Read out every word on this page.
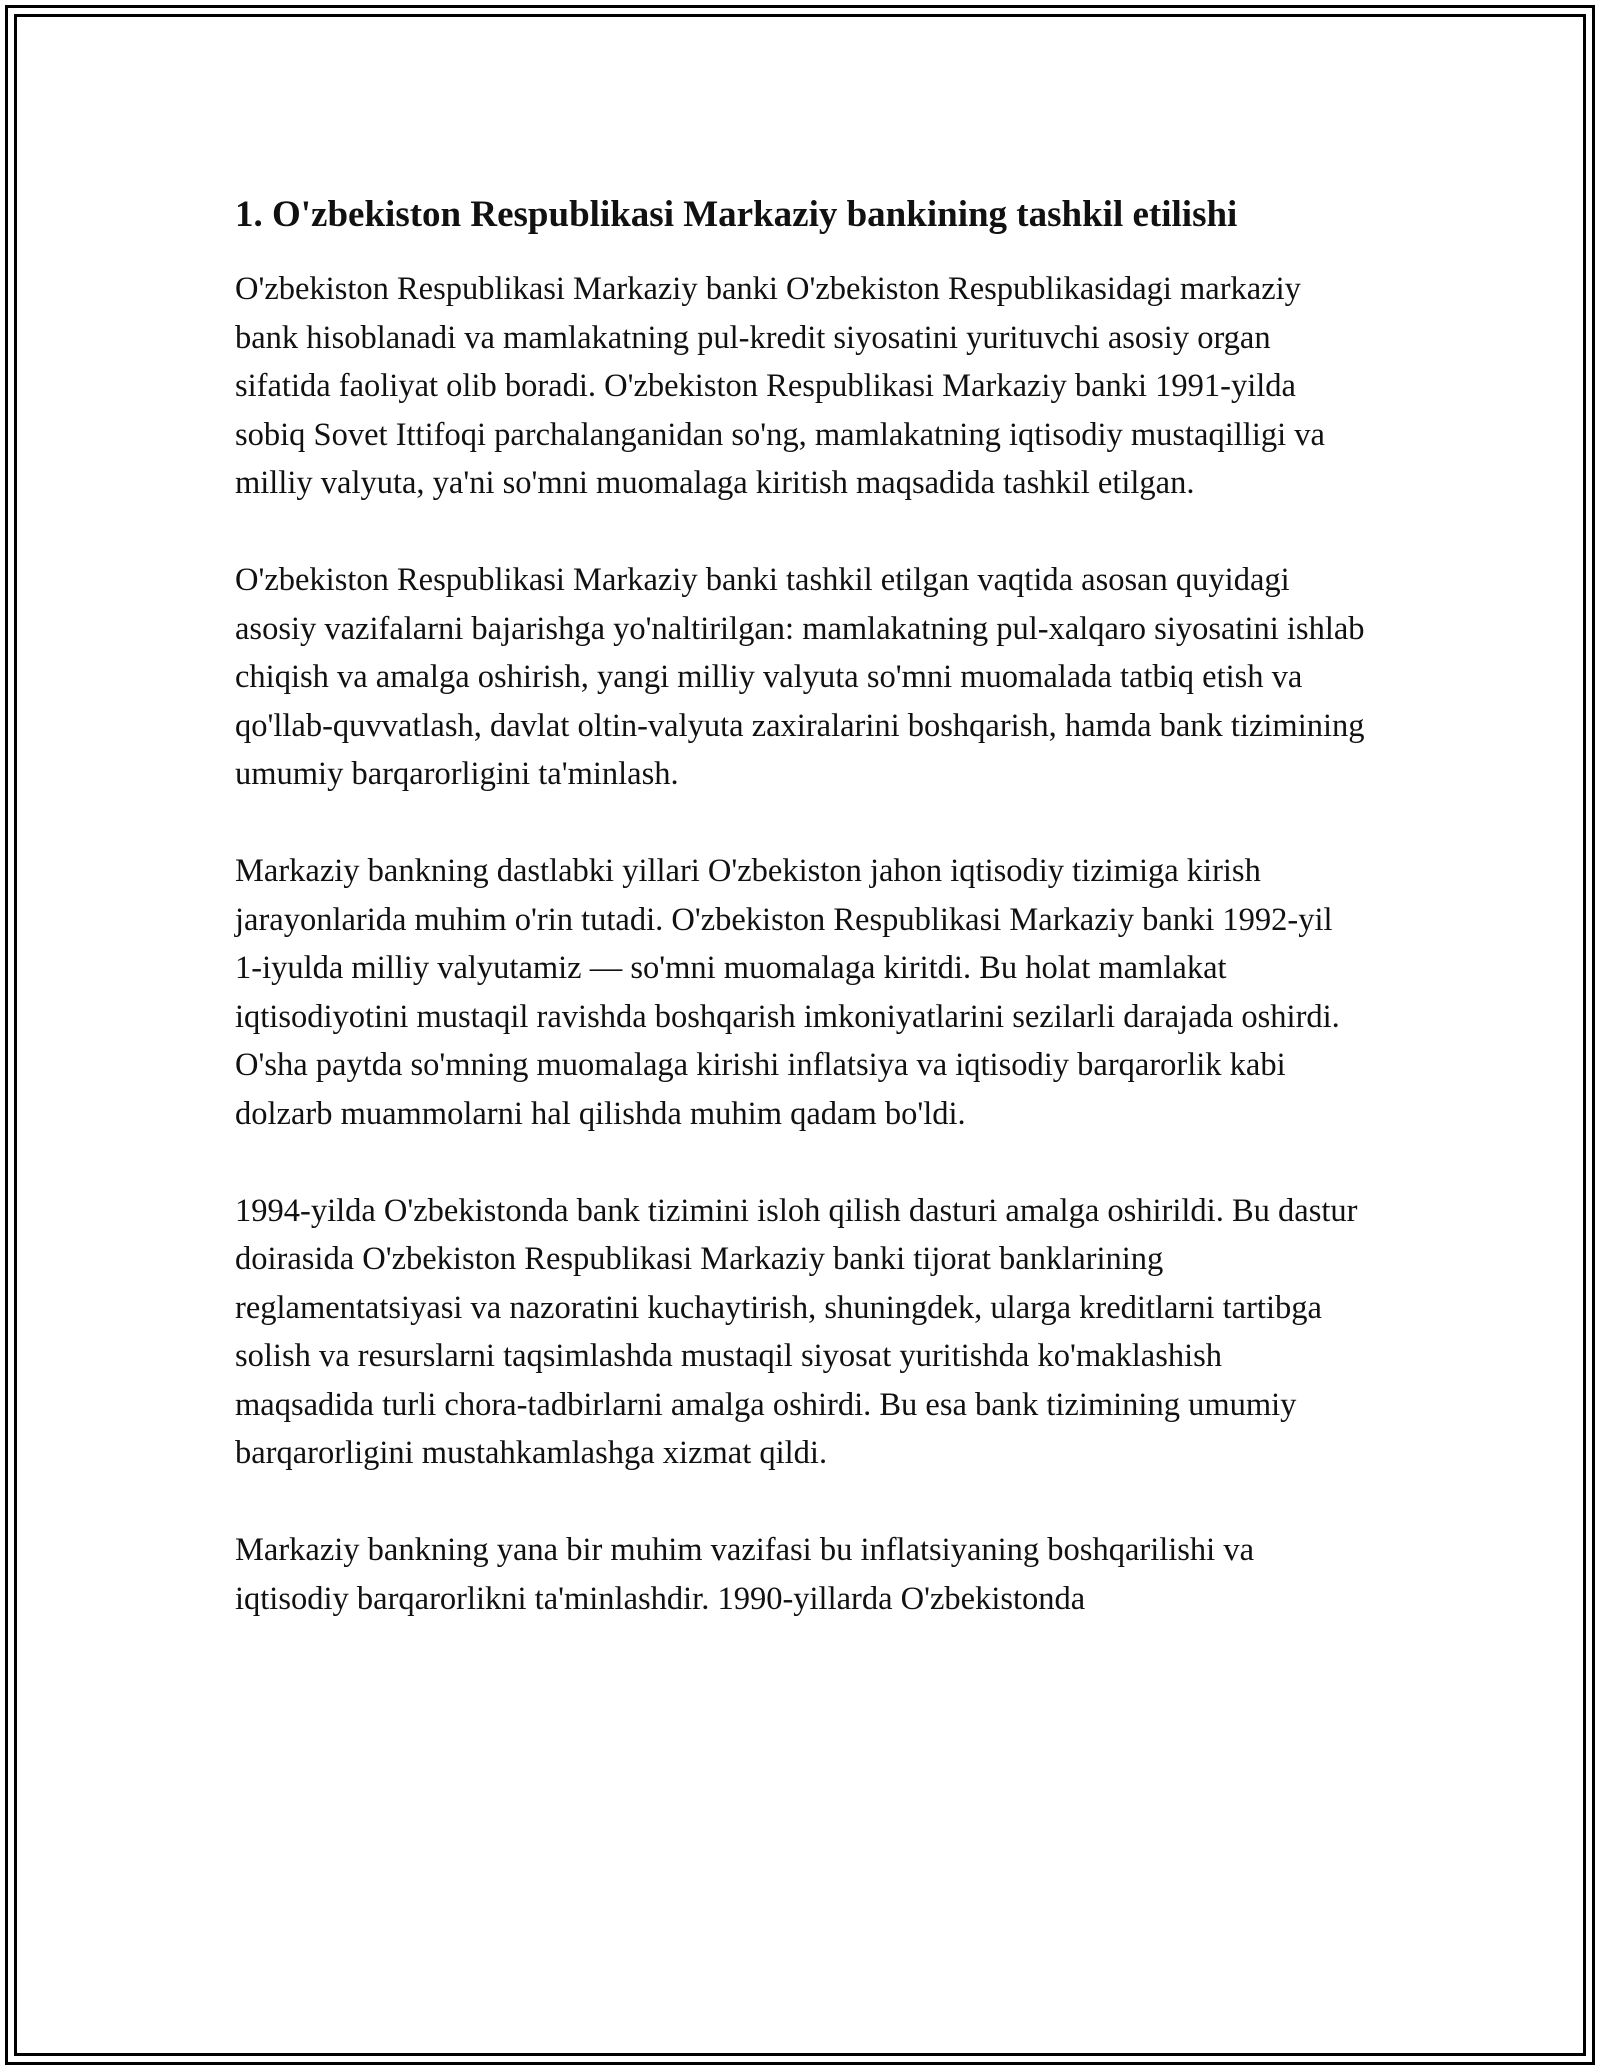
1. O'zbekiston Respublikasi Markaziy bankining tashkil etilishi

O'zbekiston Respublikasi Markaziy banki O'zbekiston Respublikasidagi markaziy bank hisoblanadi va mamlakatning pul-kredit siyosatini yurituvchi asosiy organ sifatida faoliyat olib boradi. O'zbekiston Respublikasi Markaziy banki 1991-yilda sobiq Sovet Ittifoqi parchalanganidan so'ng, mamlakatning iqtisodiy mustaqilligi va milliy valyuta, ya'ni so'mni muomalaga kiritish maqsadida tashkil etilgan.

O'zbekiston Respublikasi Markaziy banki tashkil etilgan vaqtida asosan quyidagi asosiy vazifalarni bajarishga yo'naltirilgan: mamlakatning pul-xalqaro siyosatini ishlab chiqish va amalga oshirish, yangi milliy valyuta so'mni muomalada tatbiq etish va qo'llab-quvvatlash, davlat oltin-valyuta zaxiralarini boshqarish, hamda bank tizimining umumiy barqarorligini ta'minlash.

Markaziy bankning dastlabki yillari O'zbekiston jahon iqtisodiy tizimiga kirish jarayonlarida muhim o'rin tutadi. O'zbekiston Respublikasi Markaziy banki 1992-yil 1-iyulda milliy valyutamiz — so'mni muomalaga kiritdi. Bu holat mamlakat iqtisodiyotini mustaqil ravishda boshqarish imkoniyatlarini sezilarli darajada oshirdi. O'sha paytda so'mning muomalaga kirishi inflatsiya va iqtisodiy barqarorlik kabi dolzarb muammolarni hal qilishda muhim qadam bo'ldi.

1994-yilda O'zbekistonda bank tizimini isloh qilish dasturi amalga oshirildi. Bu dastur doirasida O'zbekiston Respublikasi Markaziy banki tijorat banklarining reglamentatsiyasi va nazoratini kuchaytirish, shuningdek, ularga kreditlarni tartibga solish va resurslarni taqsimlashda mustaqil siyosat yuritishda ko'maklashish maqsadida turli chora-tadbirlarni amalga oshirdi. Bu esa bank tizimining umumiy barqarorligini mustahkamlashga xizmat qildi.

Markaziy bankning yana bir muhim vazifasi bu inflatsiyaning boshqarilishi va iqtisodiy barqarorlikni ta'minlashdir. 1990-yillarda O'zbekistonda
